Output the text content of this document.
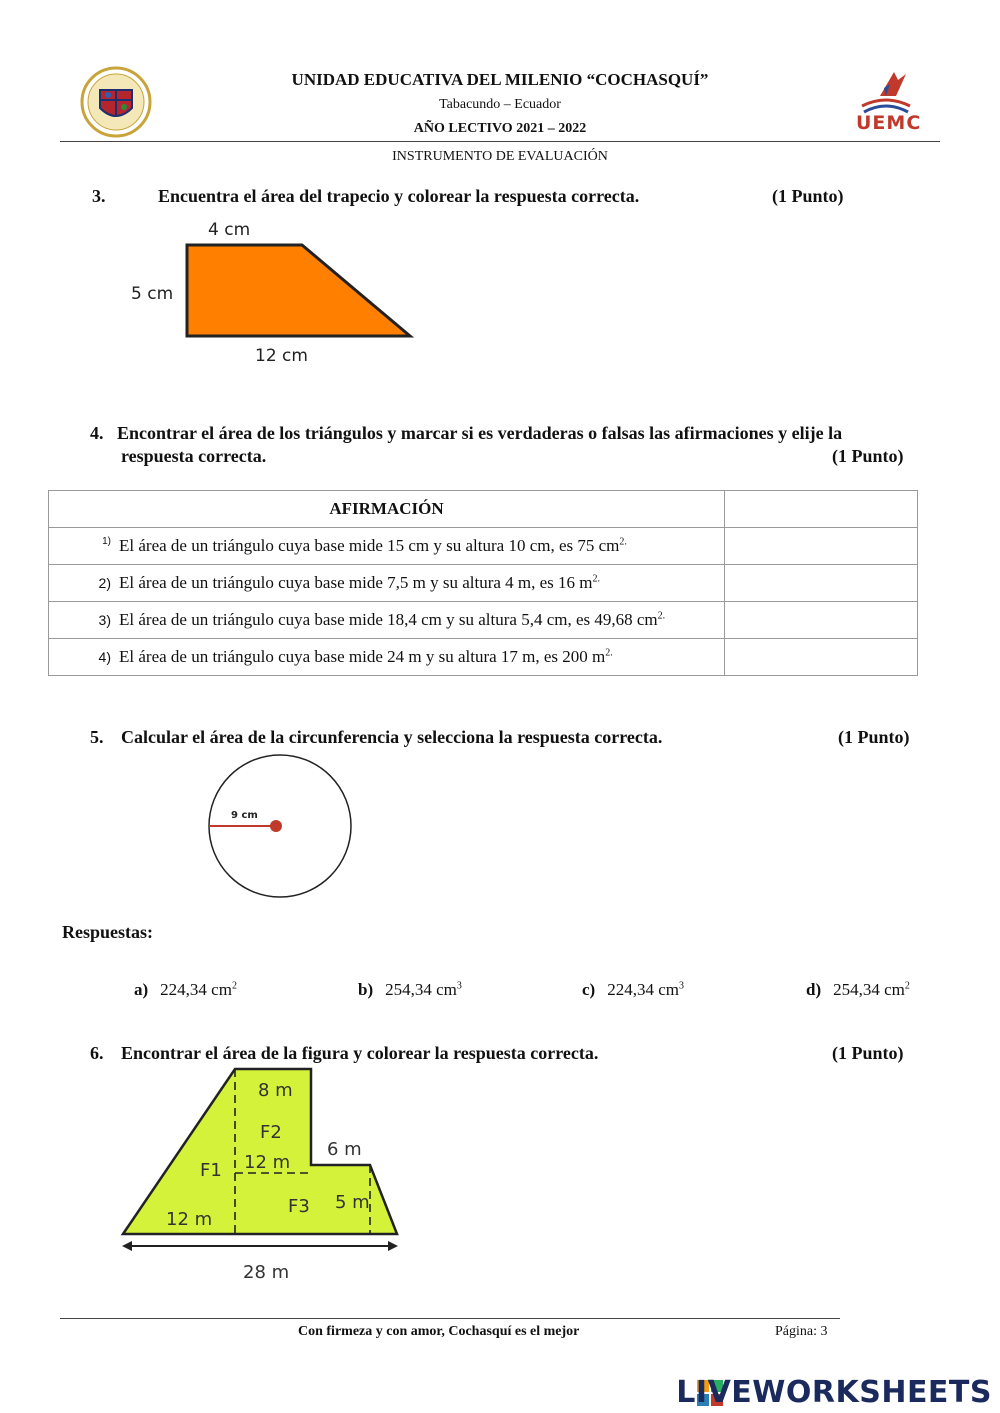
UNIDAD EDUCATIVA DEL MILENIO “COCHASQUÍ”
Tabacundo – Ecuador
AÑO LECTIVO 2021 – 2022
INSTRUMENTO DE EVALUACIÓN
UEMC
3.	Encuentra el área del trapecio y colorear la respuesta correcta.	(1 Punto)
4 cm
5 cm
12 cm
4.   Encontrar el área de los triángulos y marcar si es verdaderas o falsas las afirmaciones y elije la
respuesta correcta.	(1 Punto)
AFIRMACIÓN	
1) El área de un triángulo cuya base mide 15 cm y su altura 10 cm, es 75 $cm^{2.}$	
2) El área de un triángulo cuya base mide 7,5 m y su altura 4 m, es 16 $m^{2.}$	
3) El área de un triángulo cuya base mide 18,4 cm y su altura 5,4 cm, es 49,68 $cm^{2.}$	
4) El área de un triángulo cuya base mide 24 m y su altura 17 m, es 200 $m^{2.}$	
5. Calcular el área de la circunferencia y selecciona la respuesta correcta.	(1 Punto)
9 cm
Respuestas:
a) 224,34 $cm^2$	b) 254,34 $cm^3$	c) 224,34 $cm^3$	d) 254,34 $cm^2$
6. Encontrar el área de la figura y colorear la respuesta correcta.	(1 Punto)
8 m
F2
6 m
F1 12 m
F3 5 m
12 m
28 m
Con firmeza y con amor, Cochasquí es el mejor	Página: 3
LIVEWORKSHEETS
